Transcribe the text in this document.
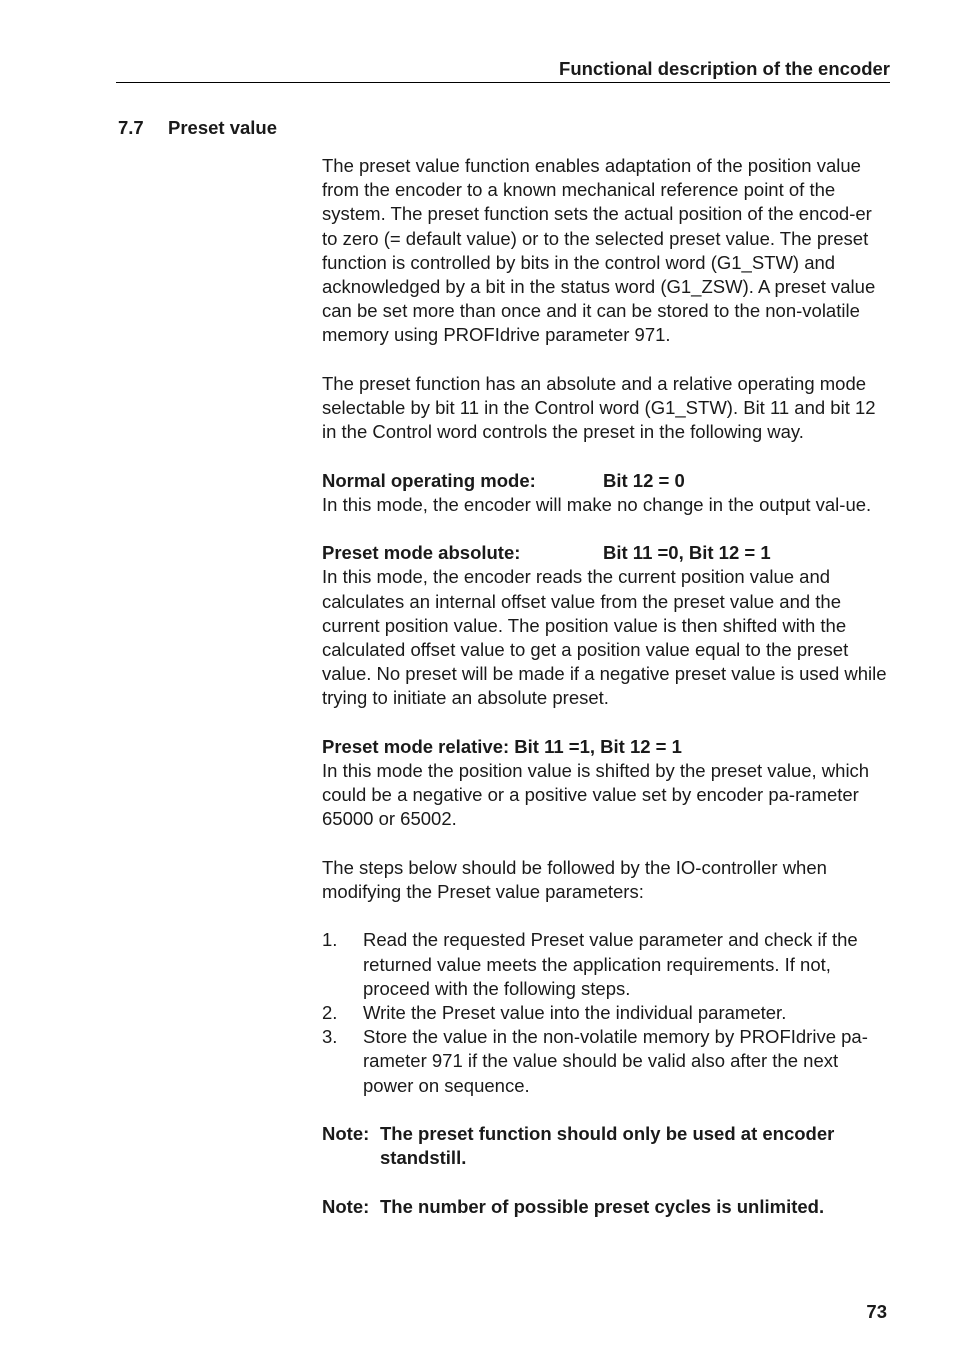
Functional description of the encoder
7.7 Preset value

The preset value function enables adaptation of the position value from the encoder to a known mechanical reference point of the system. The preset function sets the actual position of the encod-er to zero (= default value) or to the selected preset value. The preset function is controlled by bits in the control word (G1_STW) and acknowledged by a bit in the status word (G1_ZSW). A preset value can be set more than once and it can be stored to the non-volatile memory using PROFIdrive parameter 971.

The preset function has an absolute and a relative operating mode selectable by bit 11 in the Control word (G1_STW). Bit 11 and bit 12 in the Control word controls the preset in the following way.

Normal operating mode:	Bit 12 = 0
In this mode, the encoder will make no change in the output val-ue.
Preset mode absolute:	Bit 11 =0, Bit 12 = 1
In this mode, the encoder reads the current position value and calculates an internal offset value from the preset value and the current position value. The position value is then shifted with the calculated offset value to get a position value equal to the preset value. No preset will be made if a negative preset value is used while trying to initiate an absolute preset.
Preset mode relative:
Bit 11 =1, Bit 12 = 1
In this mode the position value is shifted by the preset value, which could be a negative or a positive value set by encoder pa-rameter 65000 or 65002.

The steps below should be followed by the IO-controller when modifying the Preset value parameters:

1.	Read the requested Preset value parameter and check if the returned value meets the application requirements. If not, proceed with the following steps.
2.	Write the Preset value into the individual parameter.
3.	Store the value in the non-volatile memory by PROFIdrive pa-rameter 971 if the value should be valid also after the next power on sequence.
Note: The preset function should only be used at encoder standstill.
Note: The number of possible preset cycles is unlimited.
73
